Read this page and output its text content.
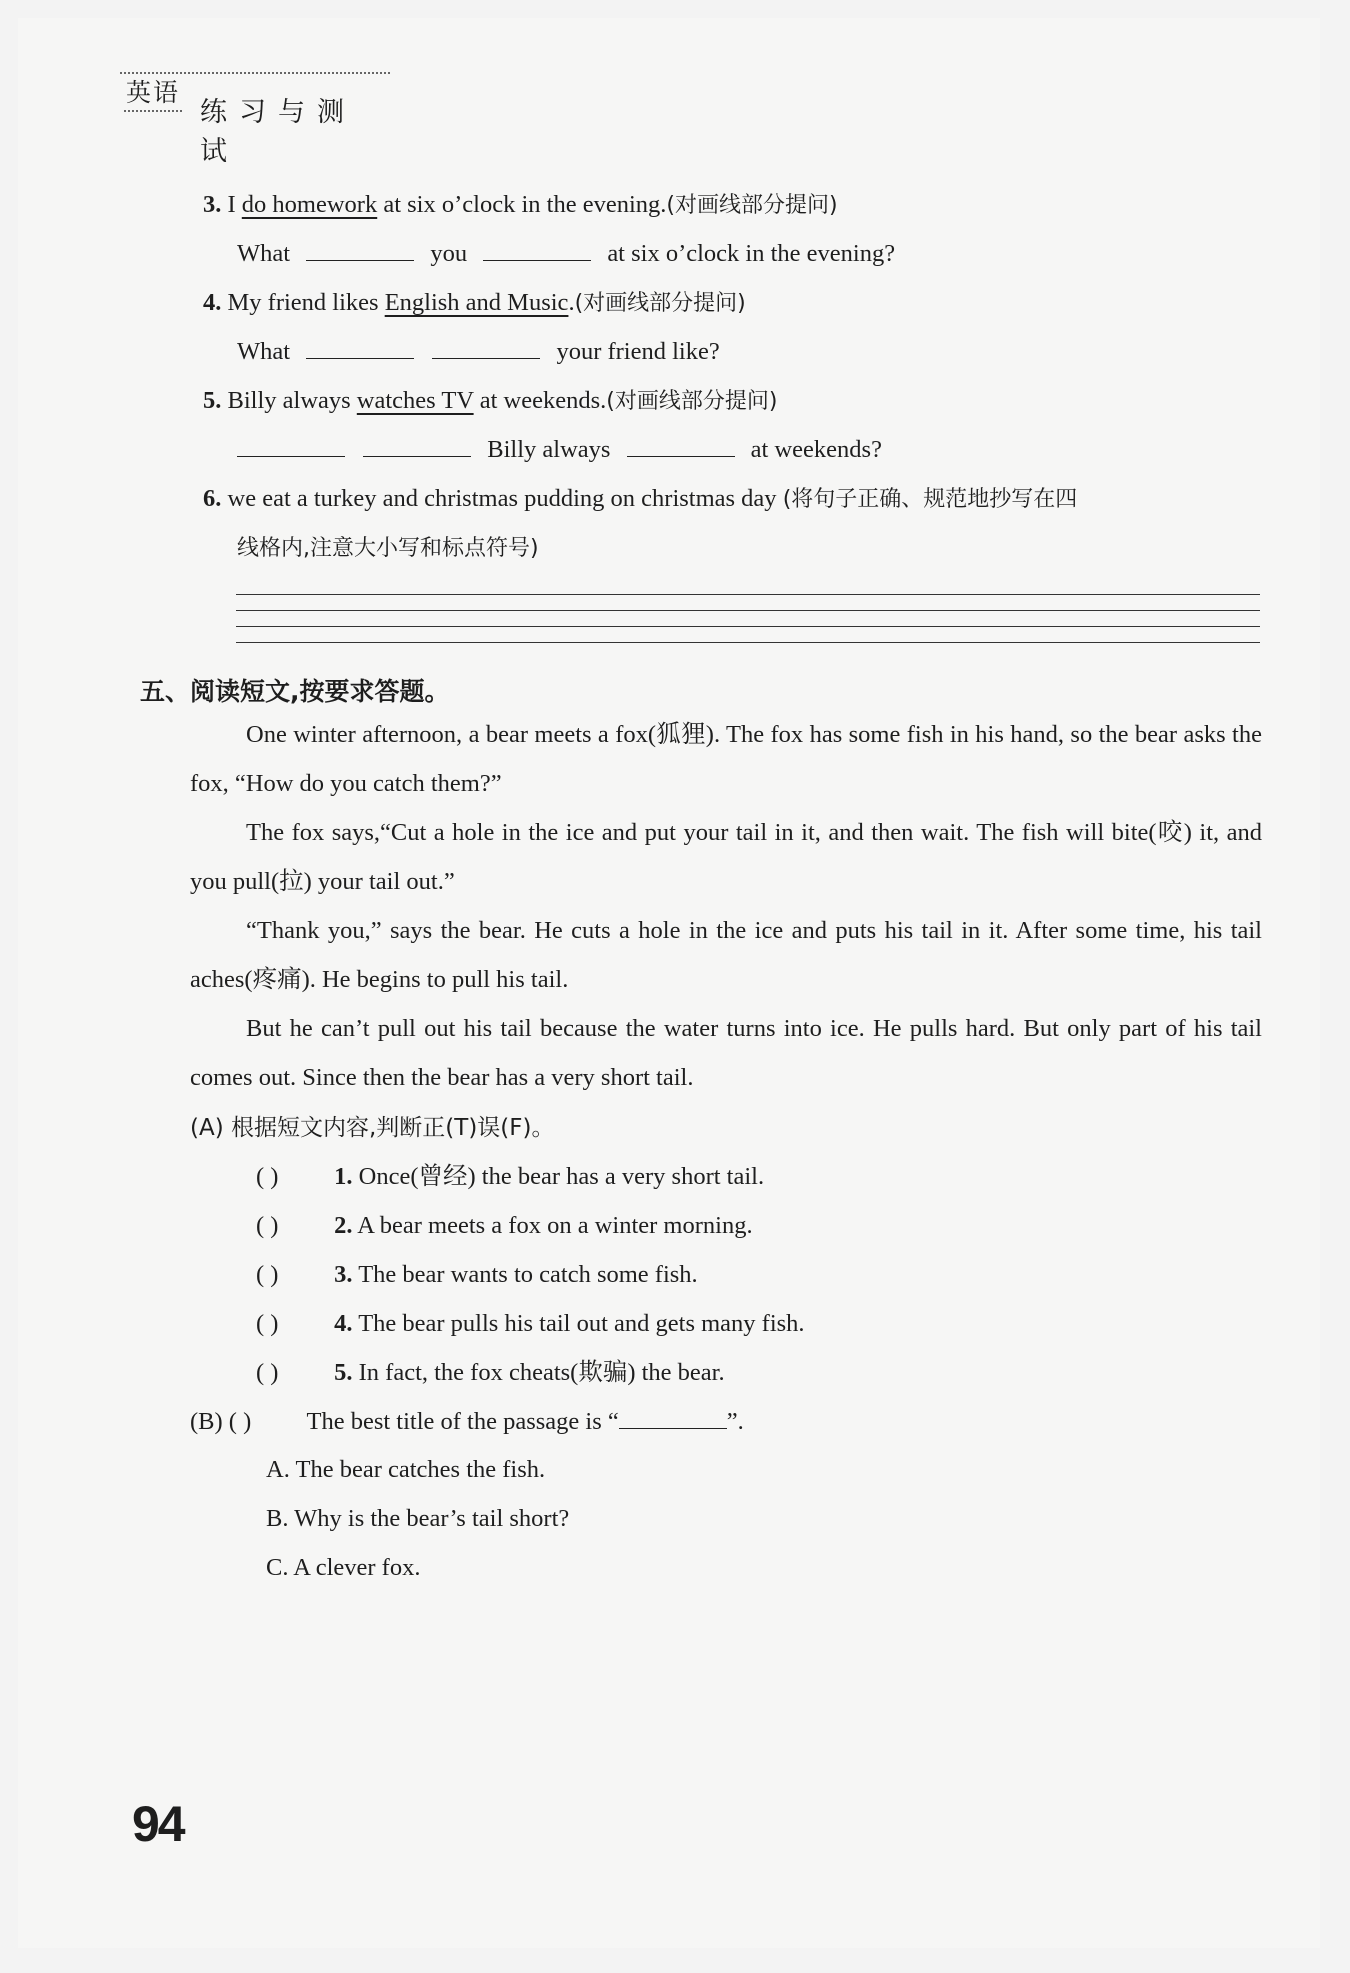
英语
练习与测试
3. I do homework at six o’clock in the evening.(对画线部分提问)
What	you	at six o’clock in the evening?
4. My friend likes English and Music.(对画线部分提问)
What	your friend like?
5. Billy always watches TV at weekends.(对画线部分提问)
Billy always	at weekends?
6. we eat a turkey and christmas pudding on christmas day (将句子正确、规范地抄写在四
线格内,注意大小写和标点符号)
五、阅读短文,按要求答题。
One winter afternoon, a bear meets a fox(狐狸). The fox has some fish in his hand, so the bear asks the fox, “How do you catch them?”
The fox says,“Cut a hole in the ice and put your tail in it, and then wait. The fish will bite(咬) it, and you pull(拉) your tail out.”
“Thank you,” says the bear. He cuts a hole in the ice and puts his tail in it. After some time, his tail aches(疼痛). He begins to pull his tail.
But he can’t pull out his tail because the water turns into ice. He pulls hard. But only part of his tail comes out. Since then the bear has a very short tail.
(A) 根据短文内容,判断正(T)误(F)。
( ) 1. Once(曾经) the bear has a very short tail.
( ) 2. A bear meets a fox on a winter morning.
( ) 3. The bear wants to catch some fish.
( ) 4. The bear pulls his tail out and gets many fish.
( ) 5. In fact, the fox cheats(欺骗) the bear.
(B) ( ) The best title of the passage is “	”.
A. The bear catches the fish.
B. Why is the bear’s tail short?
C. A clever fox.
94
